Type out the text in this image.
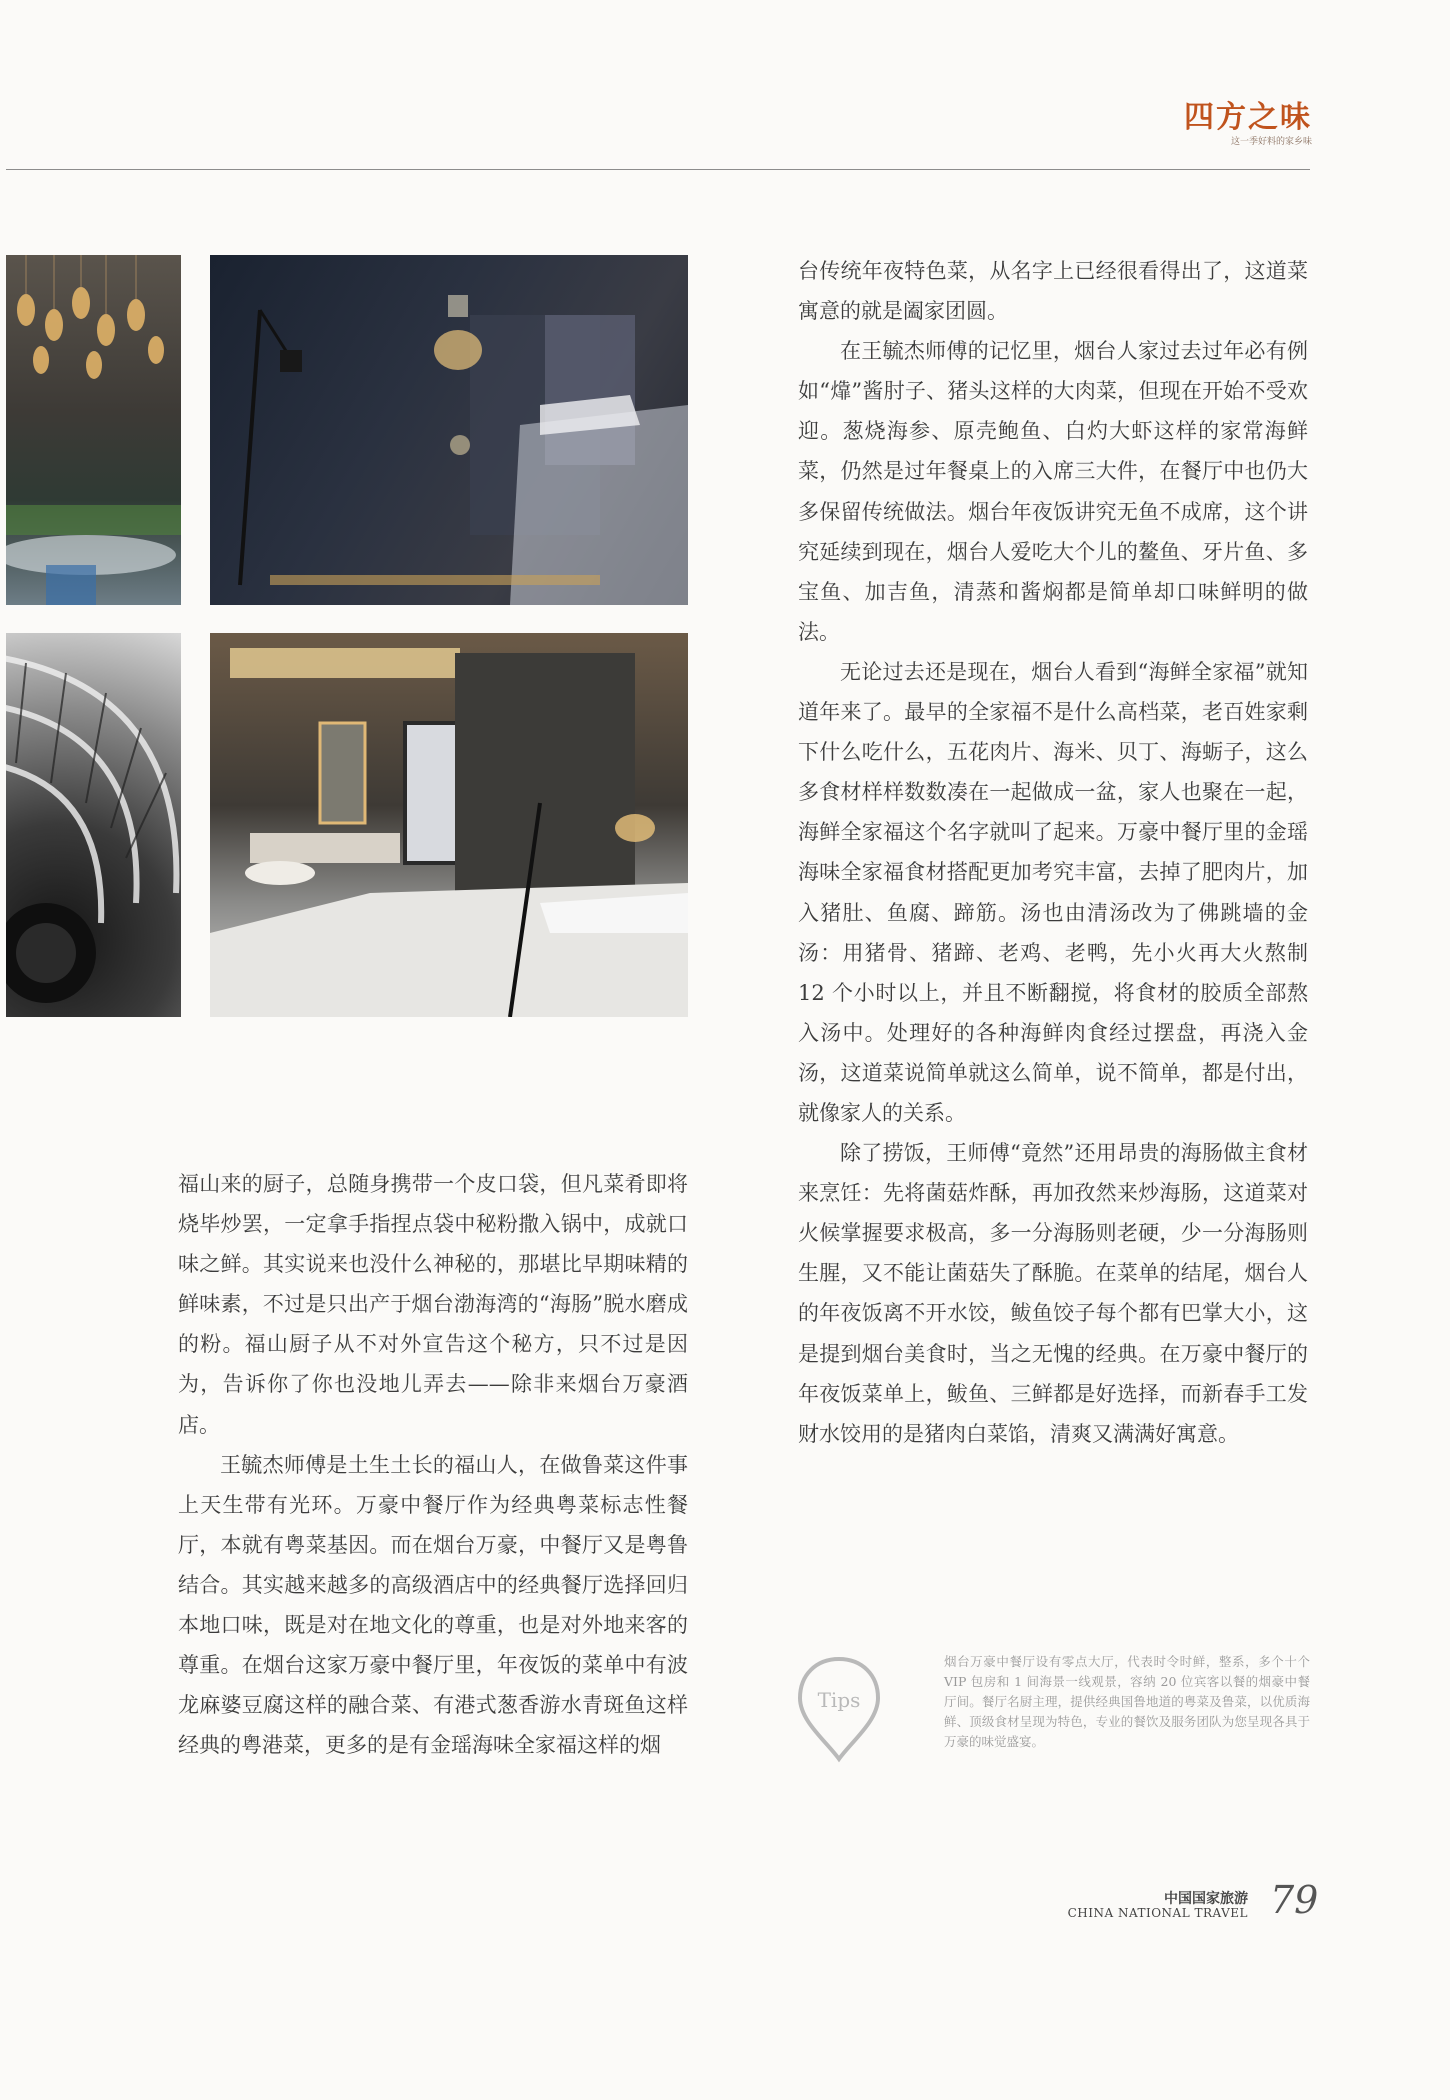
四方之味
这一季好料的家乡味

福山来的厨子，总随身携带一个皮口袋，但凡菜肴即将烧毕炒罢，一定拿手指捏点袋中秘粉撒入锅中，成就口味之鲜。其实说来也没什么神秘的，那堪比早期味精的鲜味素，不过是只出产于烟台渤海湾的“海肠”脱水磨成的粉。福山厨子从不对外宣告这个秘方，只不过是因为，告诉你了你也没地儿弄去——除非来烟台万豪酒店。

王毓杰师傅是土生土长的福山人，在做鲁菜这件事上天生带有光环。万豪中餐厅作为经典粤菜标志性餐厅，本就有粤菜基因。而在烟台万豪，中餐厅又是粤鲁结合。其实越来越多的高级酒店中的经典餐厅选择回归本地口味，既是对在地文化的尊重，也是对外地来客的尊重。在烟台这家万豪中餐厅里，年夜饭的菜单中有波龙麻婆豆腐这样的融合菜、有港式葱香游水青斑鱼这样经典的粤港菜，更多的是有金瑶海味全家福这样的烟

台传统年夜特色菜，从名字上已经很看得出了，这道菜寓意的就是阖家团圆。

在王毓杰师傅的记忆里，烟台人家过去过年必有例如“㸆”酱肘子、猪头这样的大肉菜，但现在开始不受欢迎。葱烧海参、原壳鲍鱼、白灼大虾这样的家常海鲜菜，仍然是过年餐桌上的入席三大件，在餐厅中也仍大多保留传统做法。烟台年夜饭讲究无鱼不成席，这个讲究延续到现在，烟台人爱吃大个儿的鳌鱼、牙片鱼、多宝鱼、加吉鱼，清蒸和酱焖都是简单却口味鲜明的做法。

无论过去还是现在，烟台人看到“海鲜全家福”就知道年来了。最早的全家福不是什么高档菜，老百姓家剩下什么吃什么，五花肉片、海米、贝丁、海蛎子，这么多食材样样数数凑在一起做成一盆，家人也聚在一起，海鲜全家福这个名字就叫了起来。万豪中餐厅里的金瑶海味全家福食材搭配更加考究丰富，去掉了肥肉片，加入猪肚、鱼腐、蹄筋。汤也由清汤改为了佛跳墙的金汤：用猪骨、猪蹄、老鸡、老鸭，先小火再大火熬制 12 个小时以上，并且不断翻搅，将食材的胶质全部熬入汤中。处理好的各种海鲜肉食经过摆盘，再浇入金汤，这道菜说简单就这么简单，说不简单，都是付出，就像家人的关系。

除了捞饭，王师傅“竟然”还用昂贵的海肠做主食材来烹饪：先将菌菇炸酥，再加孜然来炒海肠，这道菜对火候掌握要求极高，多一分海肠则老硬，少一分海肠则生腥，又不能让菌菇失了酥脆。在菜单的结尾，烟台人的年夜饭离不开水饺，鲅鱼饺子每个都有巴掌大小，这是提到烟台美食时，当之无愧的经典。在万豪中餐厅的年夜饭菜单上，鲅鱼、三鲜都是好选择，而新春手工发财水饺用的是猪肉白菜馅，清爽又满满好寓意。

Tips
烟台万豪中餐厅设有零点大厅，代表时令时鲜，整系，多个十个 VIP 包房和 1 间海景一线观景，容纳 20 位宾客以餐的烟豪中餐厅间。餐厅名厨主理，提供经典国鲁地道的粤菜及鲁菜，以优质海鲜、顶级食材呈现为特色，专业的餐饮及服务团队为您呈现各具于万豪的味觉盛宴。
中国国家旅游
CHINA NATIONAL TRAVEL 79
